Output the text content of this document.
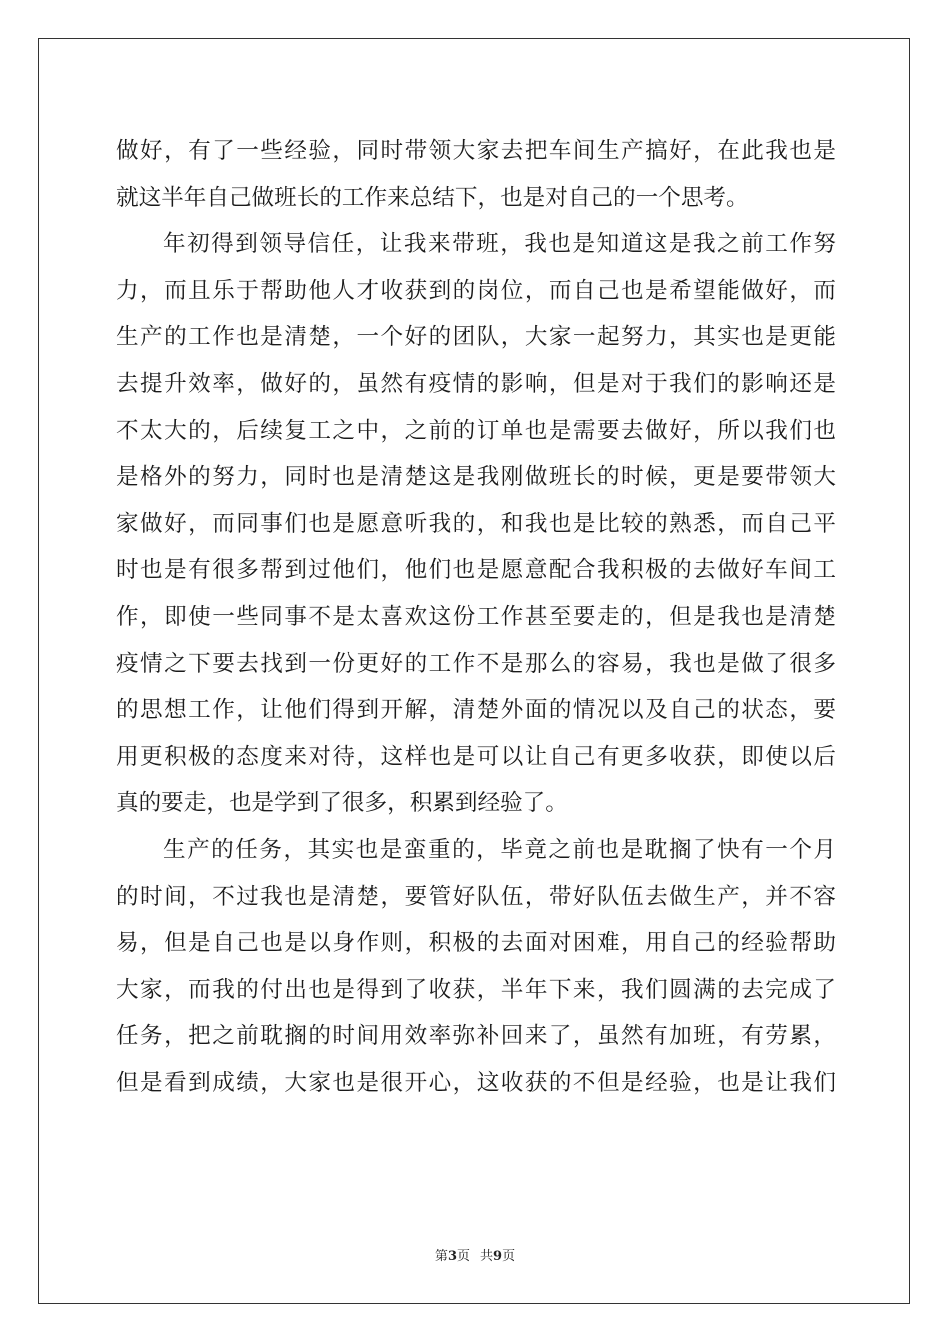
做好，有了一些经验，同时带领大家去把车间生产搞好，在此我也是
就这半年自己做班长的工作来总结下，也是对自己的一个思考。
年初得到领导信任，让我来带班，我也是知道这是我之前工作努
力，而且乐于帮助他人才收获到的岗位，而自己也是希望能做好，而
生产的工作也是清楚，一个好的团队，大家一起努力，其实也是更能
去提升效率，做好的，虽然有疫情的影响，但是对于我们的影响还是
不太大的，后续复工之中，之前的订单也是需要去做好，所以我们也
是格外的努力，同时也是清楚这是我刚做班长的时候，更是要带领大
家做好，而同事们也是愿意听我的，和我也是比较的熟悉，而自己平
时也是有很多帮到过他们，他们也是愿意配合我积极的去做好车间工
作，即使一些同事不是太喜欢这份工作甚至要走的，但是我也是清楚
疫情之下要去找到一份更好的工作不是那么的容易，我也是做了很多
的思想工作，让他们得到开解，清楚外面的情况以及自己的状态，要
用更积极的态度来对待，这样也是可以让自己有更多收获，即使以后
真的要走，也是学到了很多，积累到经验了。
生产的任务，其实也是蛮重的，毕竟之前也是耽搁了快有一个月
的时间，不过我也是清楚，要管好队伍，带好队伍去做生产，并不容
易，但是自己也是以身作则，积极的去面对困难，用自己的经验帮助
大家，而我的付出也是得到了收获，半年下来，我们圆满的去完成了
任务，把之前耽搁的时间用效率弥补回来了，虽然有加班，有劳累，
但是看到成绩，大家也是很开心，这收获的不但是经验，也是让我们
第3页 共9页
